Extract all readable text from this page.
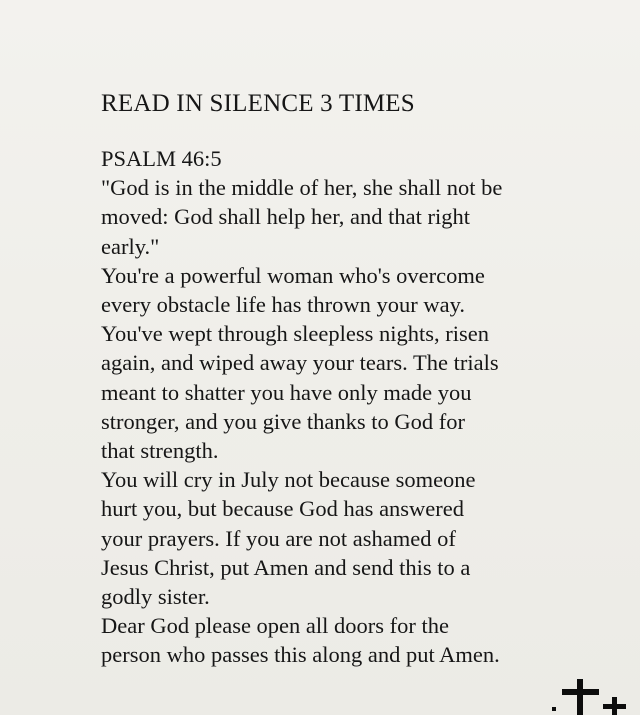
READ IN SILENCE 3 TIMES
PSALM 46:5
"God is in the middle of her, she shall not be
moved: God shall help her, and that right
early."
You're a powerful woman who's overcome
every obstacle life has thrown your way.
You've wept through sleepless nights, risen
again, and wiped away your tears. The trials
meant to shatter you have only made you
stronger, and you give thanks to God for
that strength.
You will cry in July not because someone
hurt you, but because God has answered
your prayers. If you are not ashamed of
Jesus Christ, put Amen and send this to a
godly sister.
Dear God please open all doors for the
person who passes this along and put Amen.
